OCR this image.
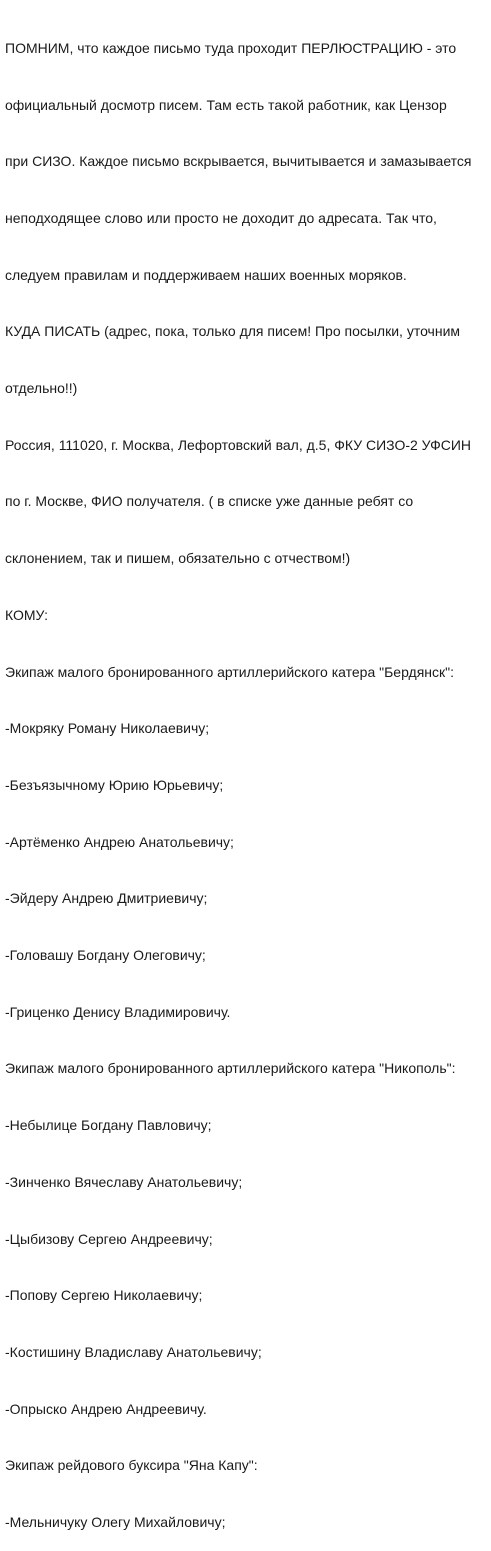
ПОМНИМ, что каждое письмо туда проходит ПЕРЛЮСТРАЦИЮ - это

официальный досмотр писем. Там есть такой работник, как Цензор

при СИЗО. Каждое письмо вскрывается, вычитывается и замазывается

неподходящее слово или просто не доходит до адресата. Так что,

следуем правилам и поддерживаем наших военных моряков.

КУДА ПИСАТЬ (адрес, пока, только для писем! Про посылки, уточним

отдельно!!)

Россия, 111020, г. Москва, Лефортовский вал, д.5, ФКУ СИЗО-2 УФСИН

по г. Москве, ФИО получателя. ( в списке уже данные ребят со

склонением, так и пишем, обязательно с отчеством!)

КОМУ:

Экипаж малого бронированного артиллерийского катера "Бердянск":

-Мокряку Роману Николаевичу;

-Безъязычному Юрию Юрьевичу;

-Артёменко Андрею Анатольевичу;

-Эйдеру Андрею Дмитриевичу;

-Головашу Богдану Олеговичу;

-Гриценко Денису Владимировичу.

Экипаж малого бронированного артиллерийского катера "Никополь":

-Небылице Богдану Павловичу;

-Зинченко Вячеславу Анатольевичу;

-Цыбизову Сергею Андреевичу;

-Попову Сергею Николаевичу;

-Костишину Владиславу Анатольевичу;

-Опрыско Андрею Андреевичу.

Экипаж рейдового буксира "Яна Капу":

-Мельничуку Олегу Михайловичу;
